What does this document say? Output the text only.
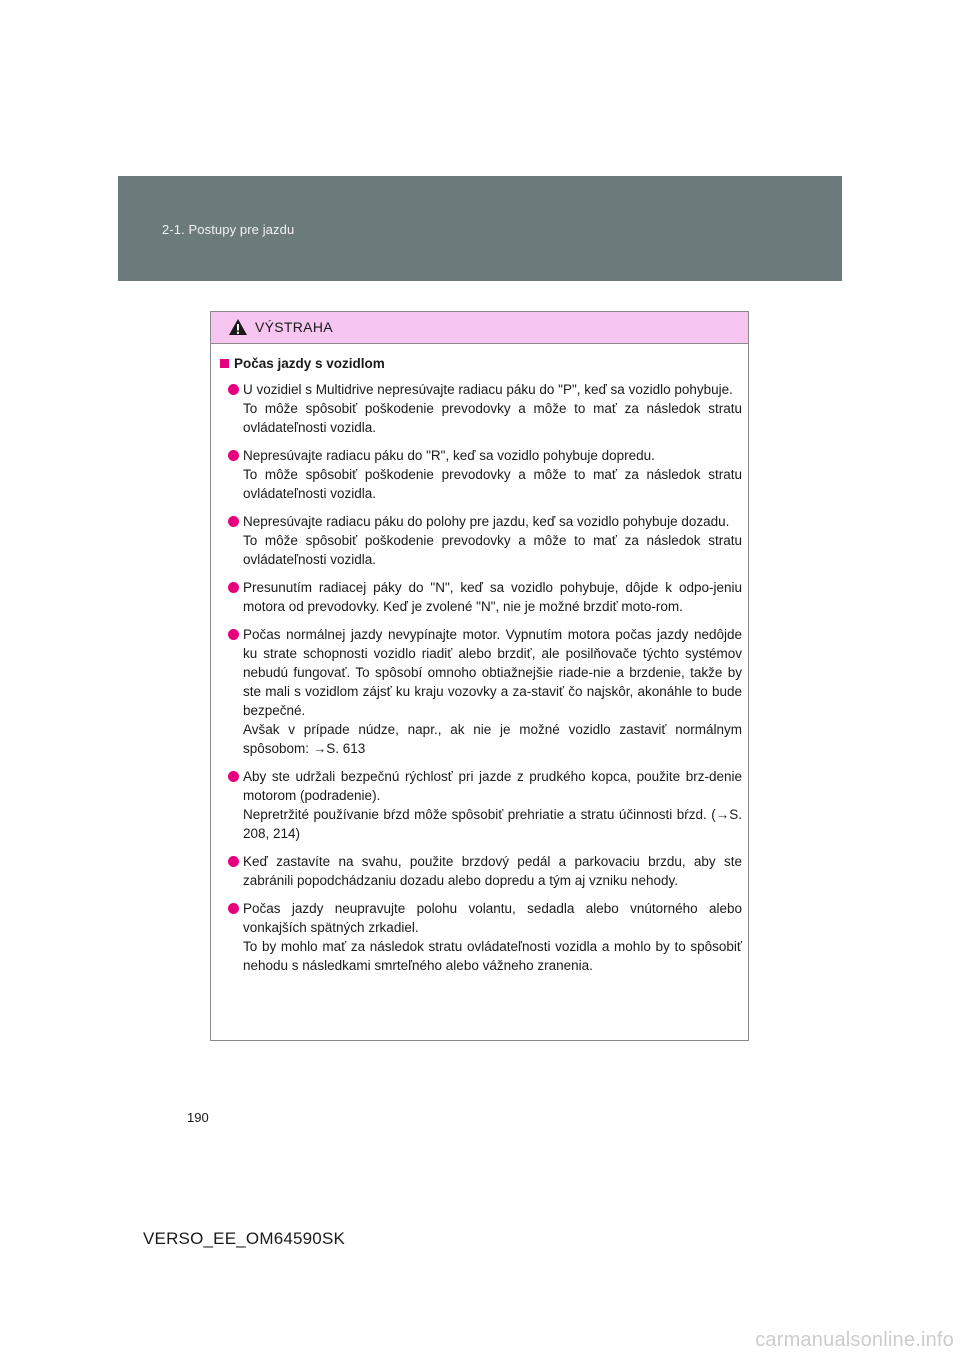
2-1. Postupy pre jazdu
VÝSTRAHA
Počas jazdy s vozidlom

U vozidiel s Multidrive nepresúvajte radiacu páku do "P", keď sa vozidlo pohybuje.

To môže spôsobiť poškodenie prevodovky a môže to mať za následok stratu ovládateľnosti vozidla.

Nepresúvajte radiacu páku do "R", keď sa vozidlo pohybuje dopredu.

To môže spôsobiť poškodenie prevodovky a môže to mať za následok stratu ovládateľnosti vozidla.

Nepresúvajte radiacu páku do polohy pre jazdu, keď sa vozidlo pohybuje dozadu.

To môže spôsobiť poškodenie prevodovky a môže to mať za následok stratu ovládateľnosti vozidla.

Presunutím radiacej páky do "N", keď sa vozidlo pohybuje, dôjde k odpo-jeniu motora od prevodovky. Keď je zvolené "N", nie je možné brzdiť moto-rom.

Počas normálnej jazdy nevypínajte motor. Vypnutím motora počas jazdy nedôjde ku strate schopnosti vozidlo riadiť alebo brzdiť, ale posilňovače týchto systémov nebudú fungovať. To spôsobí omnoho obtiažnejšie riade-nie a brzdenie, takže by ste mali s vozidlom zájsť ku kraju vozovky a za-staviť čo najskôr, akonáhle to bude bezpečné.

Avšak v prípade núdze, napr., ak nie je možné vozidlo zastaviť normálnym spôsobom: →S. 613

Aby ste udržali bezpečnú rýchlosť pri jazde z prudkého kopca, použite brz-denie motorom (podradenie).

Nepretržité používanie bŕzd môže spôsobiť prehriatie a stratu účinnosti bŕzd. (→S. 208, 214)

Keď zastavíte na svahu, použite brzdový pedál a parkovaciu brzdu, aby ste zabránili popodchádzaniu dozadu alebo dopredu a tým aj vzniku nehody.

Počas jazdy neupravujte polohu volantu, sedadla alebo vnútorného alebo vonkajších spätných zrkadiel.

To by mohlo mať za následok stratu ovládateľnosti vozidla a mohlo by to spôsobiť nehodu s následkami smrteľného alebo vážneho zranenia.

190
VERSO_EE_OM64590SK
carmanualsonline.info
